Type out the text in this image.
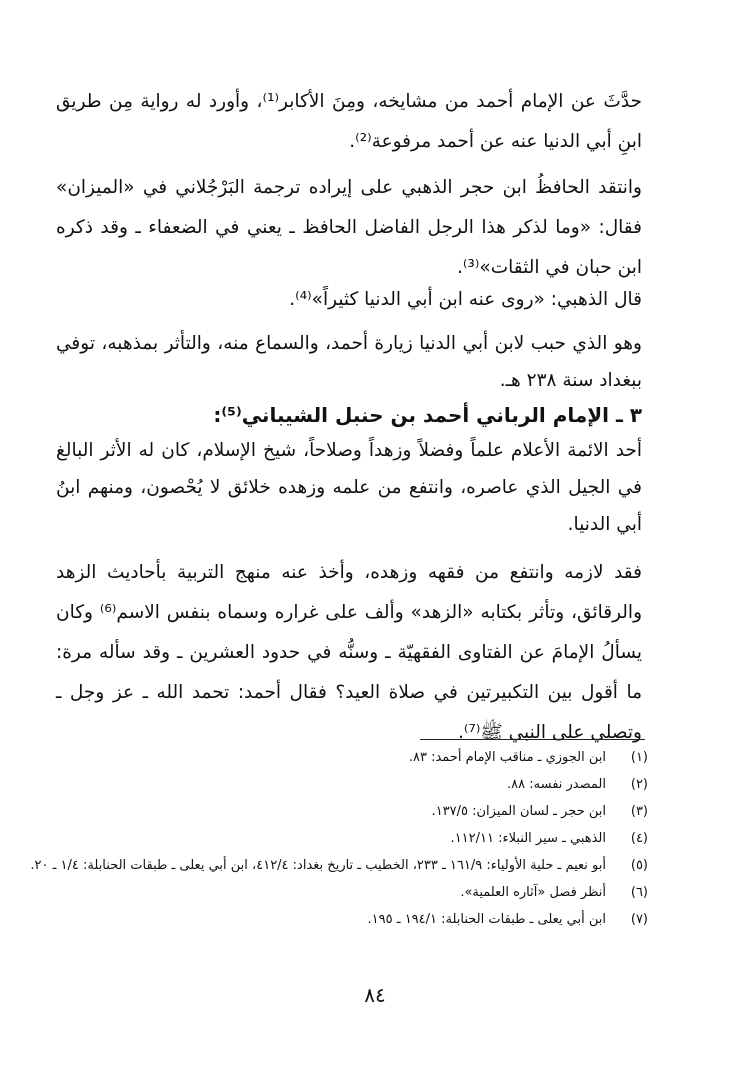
حدَّثَ عن الإمام أحمد من مشايخه، ومِنَ الأكابر⁽¹⁾، وأورد له رواية مِن طريق ابنِ أبي الدنيا عنه عن أحمد مرفوعة⁽²⁾.

وانتقد الحافظُ ابن حجر الذهبي على إيراده ترجمة البَرْجُلاني في «الميزان» فقال: «وما لذكر هذا الرجل الفاضل الحافظ ـ يعني في الضعفاء ـ وقد ذكره ابن حبان في الثقات»⁽³⁾.

قال الذهبي: «روى عنه ابن أبي الدنيا كثيراً»⁽⁴⁾.

وهو الذي حبب لابن أبي الدنيا زيارة أحمد، والسماع منه، والتأثر بمذهبه، توفي ببغداد سنة ٢٣٨ هـ.

٣ ـ الإمام الرباني أحمد بن حنبل الشيباني⁽⁵⁾:

أحد الائمة الأعلام علماً وفضلاً وزهداً وصلاحاً، شيخ الإسلام، كان له الأثر البالغ في الجيل الذي عاصره، وانتفع من علمه وزهده خلائق لا يُحْصون، ومنهم ابنُ أبي الدنيا.

فقد لازمه وانتفع من فقهه وزهده، وأخذ عنه منهج التربية بأحاديث الزهد والرقائق، وتأثر بكتابه «الزهد» وألف على غراره وسماه بنفس الاسم⁽⁶⁾ وكان يسألُ الإمامَ عن الفتاوى الفقهيّة ـ وسنُّه في حدود العشرين ـ وقد سأله مرة: ما أقول بين التكبيرتين في صلاة العيد؟ فقال أحمد: تحمد الله ـ عز وجل ـ وتصلي على النبي ﷺ⁽⁷⁾.

(١)
ابن الجوزي ـ مناقب الإمام أحمد: ٨٣.
(٢)
المصدر نفسه: ٨٨.
(٣)
ابن حجر ـ لسان الميزان: ١٣٧/٥.
(٤)
الذهبي ـ سير النبلاء: ١١٢/١١.
(٥)
أبو نعيم ـ حلية الأولياء: ١٦١/٩ ـ ٢٣٣، الخطيب ـ تاريخ بغداد: ٤١٢/٤، ابن أبي يعلى ـ طبقات الحنابلة: ١/٤ ـ ٢٠.
(٦)
أنظر فصل «آثاره العلمية».
(٧)
ابن أبي يعلى ـ طبقات الحنابلة: ١٩٤/١ ـ ١٩٥.
٨٤
